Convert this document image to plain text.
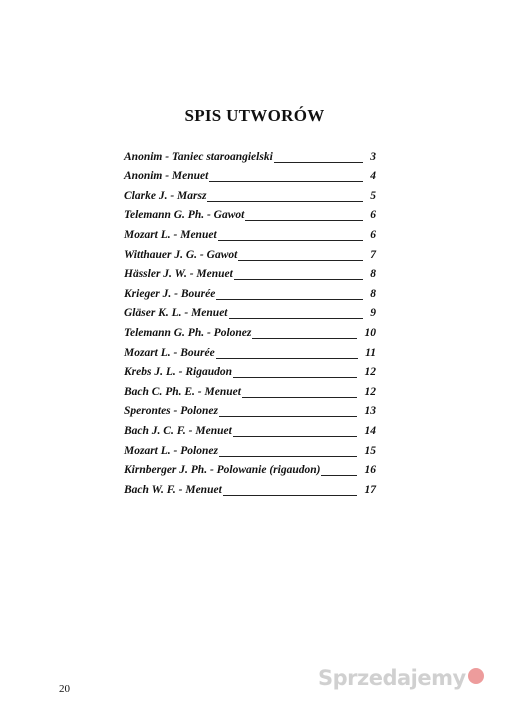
SPIS UTWORÓW
Anonim - Taniec staroangielski	3
Anonim - Menuet	4
Clarke J. - Marsz	5
Telemann G. Ph. - Gawot	6
Mozart L. - Menuet	6
Witthauer J. G. - Gawot	7
Hässler J. W. - Menuet	8
Krieger J. - Bourée	8
Gläser K. L. - Menuet	9
Telemann G. Ph. - Polonez	10
Mozart L. - Bourée	11
Krebs J. L. - Rigaudon	12
Bach C. Ph. E. - Menuet	12
Sperontes - Polonez	13
Bach J. C. F. - Menuet	14
Mozart L. - Polonez	15
Kirnberger J. Ph. - Polowanie (rigaudon)	16
Bach W. F. - Menuet	17
20	Sprzedajemy
